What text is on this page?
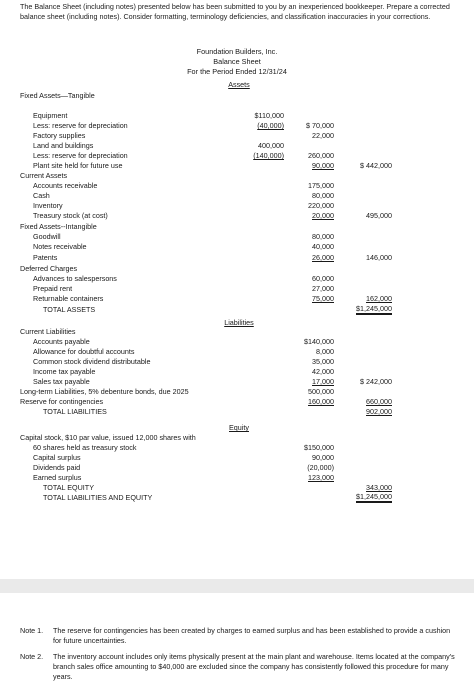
The Balance Sheet (including notes) presented below has been submitted to you by an inexperienced bookkeeper. Prepare a corrected balance sheet (including notes). Consider formatting, terminology deficiencies, and classification inaccuracies in your corrections.
Foundation Builders, Inc.
Balance Sheet
For the Period Ended 12/31/24
Assets
Liabilities
Equity
Fixed Assets—Tangible
Equipment	$110,000
Less: reserve for depreciation	(40,000)	$ 70,000
Factory supplies	22,000
Land and buildings	400,000
Less: reserve for depreciation	(140,000)	260,000
Plant site held for future use	90,000	$ 442,000
Current Assets
Accounts receivable	175,000
Cash	80,000
Inventory	220,000
Treasury stock (at cost)	20,000	495,000
Fixed Assets--Intangible
Goodwill	80,000
Notes receivable	40,000
Patents	26,000	146,000
Deferred Charges
Advances to salespersons	60,000
Prepaid rent	27,000
Returnable containers	75,000	162,000
TOTAL ASSETS	$1,245,000
Current Liabilities
Accounts payable	$140,000
Allowance for doubtful accounts	8,000
Common stock dividend distributable	35,000
Income tax payable	42,000
Sales tax payable	17,000	$ 242,000
Long-term Liabilities, 5% debenture bonds, due 2025	500,000
Reserve for contingencies	160,000	660,000
TOTAL LIABILITIES	902,000
Capital stock, $10 par value, issued 12,000 shares with
60 shares held as treasury stock	$150,000
Capital surplus	90,000
Dividends paid	(20,000)
Earned surplus	123,000
TOTAL EQUITY	343,000
TOTAL LIABILITIES AND EQUITY	$1,245,000
Note 1. The reserve for contingencies has been created by charges to earned surplus and has been established to provide a cushion for future uncertainties.
Note 2. The inventory account includes only items physically present at the main plant and warehouse. Items located at the company's branch sales office amounting to $40,000 are excluded since the company has consistently followed this procedure for many years.
